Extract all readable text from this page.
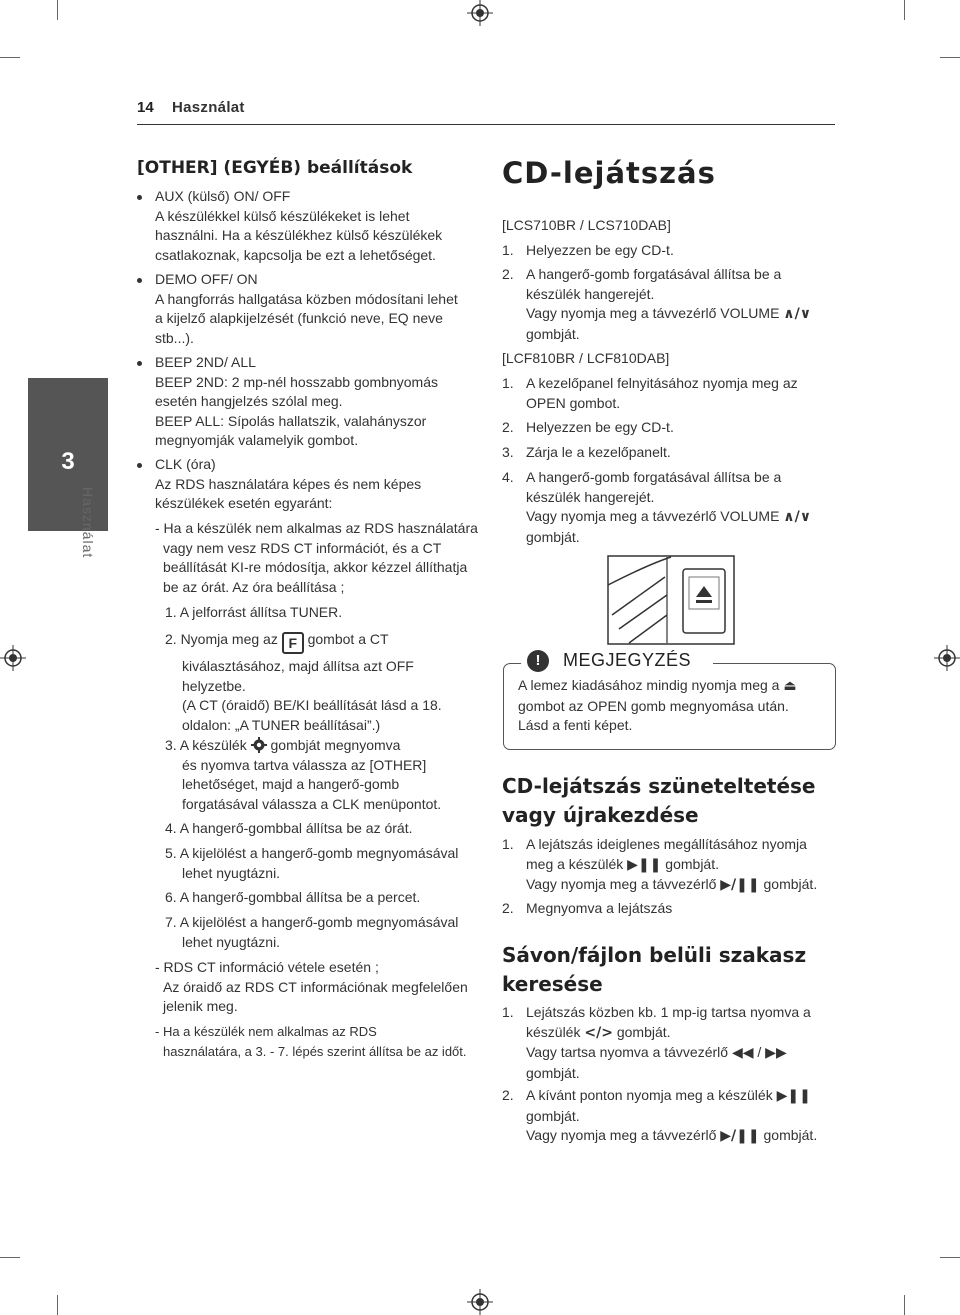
14 Használat
3
Használat
[OTHER] (EGYÉB) beállítások
AUX (külső) ON/ OFF
A készülékkel külső készülékeket is lehet
használni. Ha a készülékhez külső készülékek
csatlakoznak, kapcsolja be ezt a lehetőséget.
DEMO OFF/ ON
A hangforrás hallgatása közben módosítani lehet
a kijelző alapkijelzését (funkció neve, EQ neve
stb...).
BEEP 2ND/ ALL
BEEP 2ND: 2 mp-nél hosszabb gombnyomás
esetén hangjelzés szólal meg.
BEEP ALL: Sípolás hallatszik, valahányszor
megnyomják valamelyik gombot.
CLK (óra)
Az RDS használatára képes és nem képes
készülékek esetén egyaránt:
- Ha a készülék nem alkalmas az RDS használatára
vagy nem vesz RDS CT információt, és a CT
beállítását KI-re módosítja, akkor kézzel állíthatja
be az órát. Az óra beállítása ;
1. A jelforrást állítsa TUNER.
2. Nyomja meg az F gombot a CT
kiválasztásához, majd állítsa azt OFF
helyzetbe.
(A CT (óraidő) BE/KI beállítását lásd a 18.
oldalon: „A TUNER beállításai”.)
3. A készülék gombját megnyomva
és nyomva tartva válassza az [OTHER]
lehetőséget, majd a hangerő-gomb
forgatásával válassza a CLK menüpontot.
4. A hangerő-gombbal állítsa be az órát.
5. A kijelölést a hangerő-gomb megnyomásával
lehet nyugtázni.
6. A hangerő-gombbal állítsa be a percet.
7. A kijelölést a hangerő-gomb megnyomásával
lehet nyugtázni.
- RDS CT információ vétele esetén ;
Az óraidő az RDS CT információnak megfelelően
jelenik meg.
- Ha a készülék nem alkalmas az RDS
használatára, a 3. - 7. lépés szerint állítsa be az időt.
CD-lejátszás
[LCS710BR / LCS710DAB]
1. Helyezzen be egy CD-t.
2. A hangerő-gomb forgatásával állítsa be a
készülék hangerejét.
Vagy nyomja meg a távvezérlő VOLUME ∧/∨
gombját.
[LCF810BR / LCF810DAB]
1. A kezelőpanel felnyitásához nyomja meg az
OPEN gombot.
2. Helyezzen be egy CD-t.
3. Zárja le a kezelőpanelt.
4. A hangerő-gomb forgatásával állítsa be a
készülék hangerejét.
Vagy nyomja meg a távvezérlő VOLUME ∧/∨
gombját.
!	MEGJEGYZÉS
A lemez kiadásához mindig nyomja meg a ⏏
gombot az OPEN gomb megnyomása után.
Lásd a fenti képet.
CD-lejátszás szüneteltetése
vagy újrakezdése
1. A lejátszás ideiglenes megállításához nyomja
meg a készülék ▶❚❚ gombját.
Vagy nyomja meg a távvezérlő ▶/❚❚ gombját.
2. Megnyomva a lejátszás
Sávon/fájlon belüli szakasz
keresése
1. Lejátszás közben kb. 1 mp-ig tartsa nyomva a
készülék </> gombját.
Vagy tartsa nyomva a távvezérlő ◀◀ / ▶▶
gombját.
2. A kívánt ponton nyomja meg a készülék ▶❚❚
gombját.
Vagy nyomja meg a távvezérlő ▶/❚❚ gombját.
